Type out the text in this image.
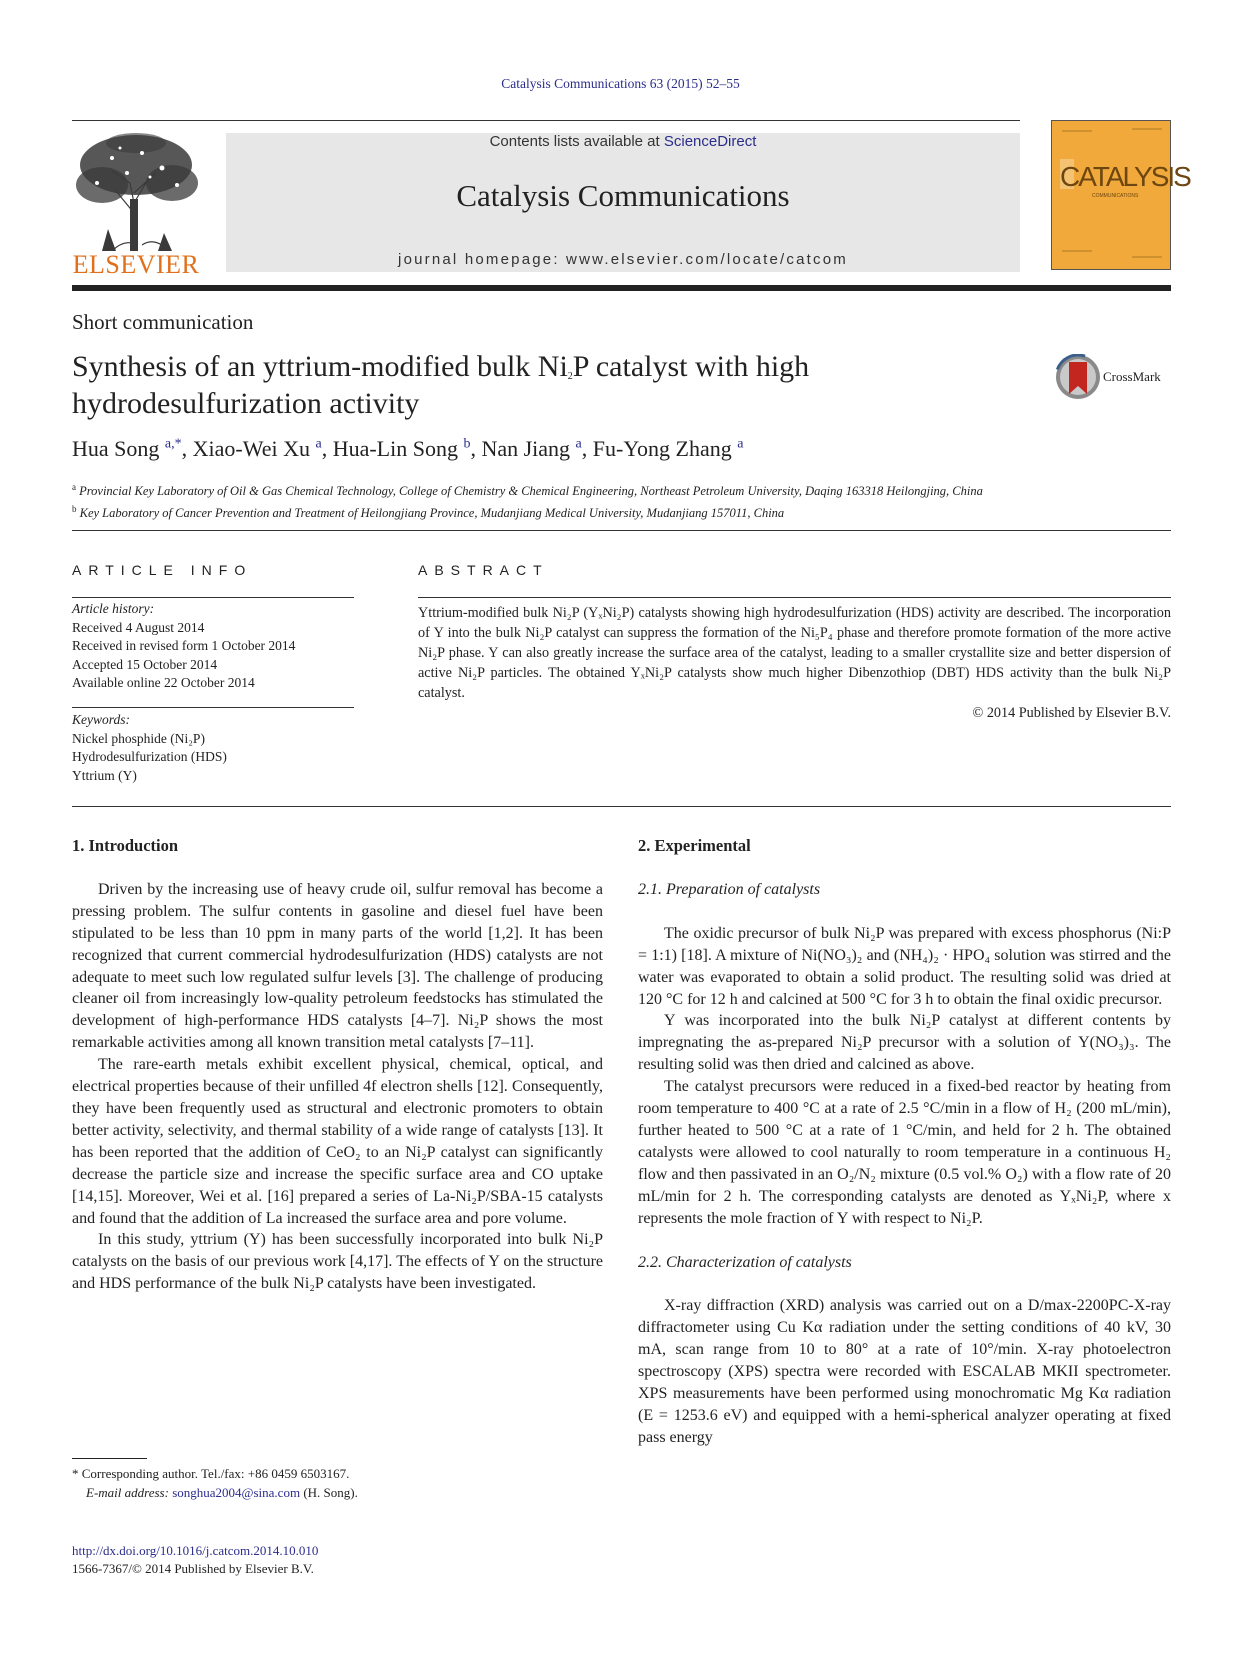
Catalysis Communications 63 (2015) 52–55
ELSEVIER
Contents lists available at ScienceDirect
Catalysis Communications
journal homepage: www.elsevier.com/locate/catcom
CATALYSIS
COMMUNICATIONS
Short communication
Synthesis of an yttrium-modified bulk $Ni_2P$ catalyst with high hydrodesulfurization activity
CrossMark
Hua Song $^{a,*}$, Xiao-Wei Xu $^a$, Hua-Lin Song $^b$, Nan Jiang $^a$, Fu-Yong Zhang $^a$
$^a$ Provincial Key Laboratory of Oil & Gas Chemical Technology, College of Chemistry & Chemical Engineering, Northeast Petroleum University, Daqing 163318 Heilongjing, China
$^b$ Key Laboratory of Cancer Prevention and Treatment of Heilongjiang Province, Mudanjiang Medical University, Mudanjiang 157011, China
ARTICLE INFO
Article history:
Received 4 August 2014
Received in revised form 1 October 2014
Accepted 15 October 2014
Available online 22 October 2014
Keywords:
Nickel phosphide (Ni₂P)
Hydrodesulfurization (HDS)
Yttrium (Y)
ABSTRACT
Yttrium-modified bulk Ni₂P (YₓNi₂P) catalysts showing high hydrodesulfurization (HDS) activity are described. The incorporation of Y into the bulk Ni₂P catalyst can suppress the formation of the Ni₅P₄ phase and therefore promote formation of the more active Ni₂P phase. Y can also greatly increase the surface area of the catalyst, leading to a smaller crystallite size and better dispersion of active Ni₂P particles. The obtained YₓNi₂P catalysts show much higher Dibenzothiop (DBT) HDS activity than the bulk Ni₂P catalyst.
© 2014 Published by Elsevier B.V.
1. Introduction

Driven by the increasing use of heavy crude oil, sulfur removal has become a pressing problem. The sulfur contents in gasoline and diesel fuel have been stipulated to be less than 10 ppm in many parts of the world [1,2]. It has been recognized that current commercial hydrodesulfurization (HDS) catalysts are not adequate to meet such low regulated sulfur levels [3]. The challenge of producing cleaner oil from increasingly low-quality petroleum feedstocks has stimulated the development of high-performance HDS catalysts [4–7]. Ni₂P shows the most remarkable activities among all known transition metal catalysts [7–11].

The rare-earth metals exhibit excellent physical, chemical, optical, and electrical properties because of their unfilled 4f electron shells [12]. Consequently, they have been frequently used as structural and electronic promoters to obtain better activity, selectivity, and thermal stability of a wide range of catalysts [13]. It has been reported that the addition of CeO₂ to an Ni₂P catalyst can significantly decrease the particle size and increase the specific surface area and CO uptake [14,15]. Moreover, Wei et al. [16] prepared a series of La-Ni₂P/SBA-15 catalysts and found that the addition of La increased the surface area and pore volume.

In this study, yttrium (Y) has been successfully incorporated into bulk Ni₂P catalysts on the basis of our previous work [4,17]. The effects of Y on the structure and HDS performance of the bulk Ni₂P catalysts have been investigated.

2. Experimental
2.1. Preparation of catalysts

The oxidic precursor of bulk Ni₂P was prepared with excess phosphorus (Ni:P = 1:1) [18]. A mixture of Ni(NO₃)₂ and (NH₄)₂ · HPO₄ solution was stirred and the water was evaporated to obtain a solid product. The resulting solid was dried at 120 °C for 12 h and calcined at 500 °C for 3 h to obtain the final oxidic precursor.

Y was incorporated into the bulk Ni₂P catalyst at different contents by impregnating the as-prepared Ni₂P precursor with a solution of Y(NO₃)₃. The resulting solid was then dried and calcined as above.

The catalyst precursors were reduced in a fixed-bed reactor by heating from room temperature to 400 °C at a rate of 2.5 °C/min in a flow of H₂ (200 mL/min), further heated to 500 °C at a rate of 1 °C/min, and held for 2 h. The obtained catalysts were allowed to cool naturally to room temperature in a continuous H₂ flow and then passivated in an O₂/N₂ mixture (0.5 vol.% O₂) with a flow rate of 20 mL/min for 2 h. The corresponding catalysts are denoted as YₓNi₂P, where x represents the mole fraction of Y with respect to Ni₂P.

2.2. Characterization of catalysts

X-ray diffraction (XRD) analysis was carried out on a D/max-2200PC-X-ray diffractometer using Cu Kα radiation under the setting conditions of 40 kV, 30 mA, scan range from 10 to 80° at a rate of 10°/min. X-ray photoelectron spectroscopy (XPS) spectra were recorded with ESCALAB MKII spectrometer. XPS measurements have been performed using monochromatic Mg Kα radiation (E = 1253.6 eV) and equipped with a hemi-spherical analyzer operating at fixed pass energy

* Corresponding author. Tel./fax: +86 0459 6503167.
E-mail address: songhua2004@sina.com (H. Song).
http://dx.doi.org/10.1016/j.catcom.2014.10.010
1566-7367/© 2014 Published by Elsevier B.V.
